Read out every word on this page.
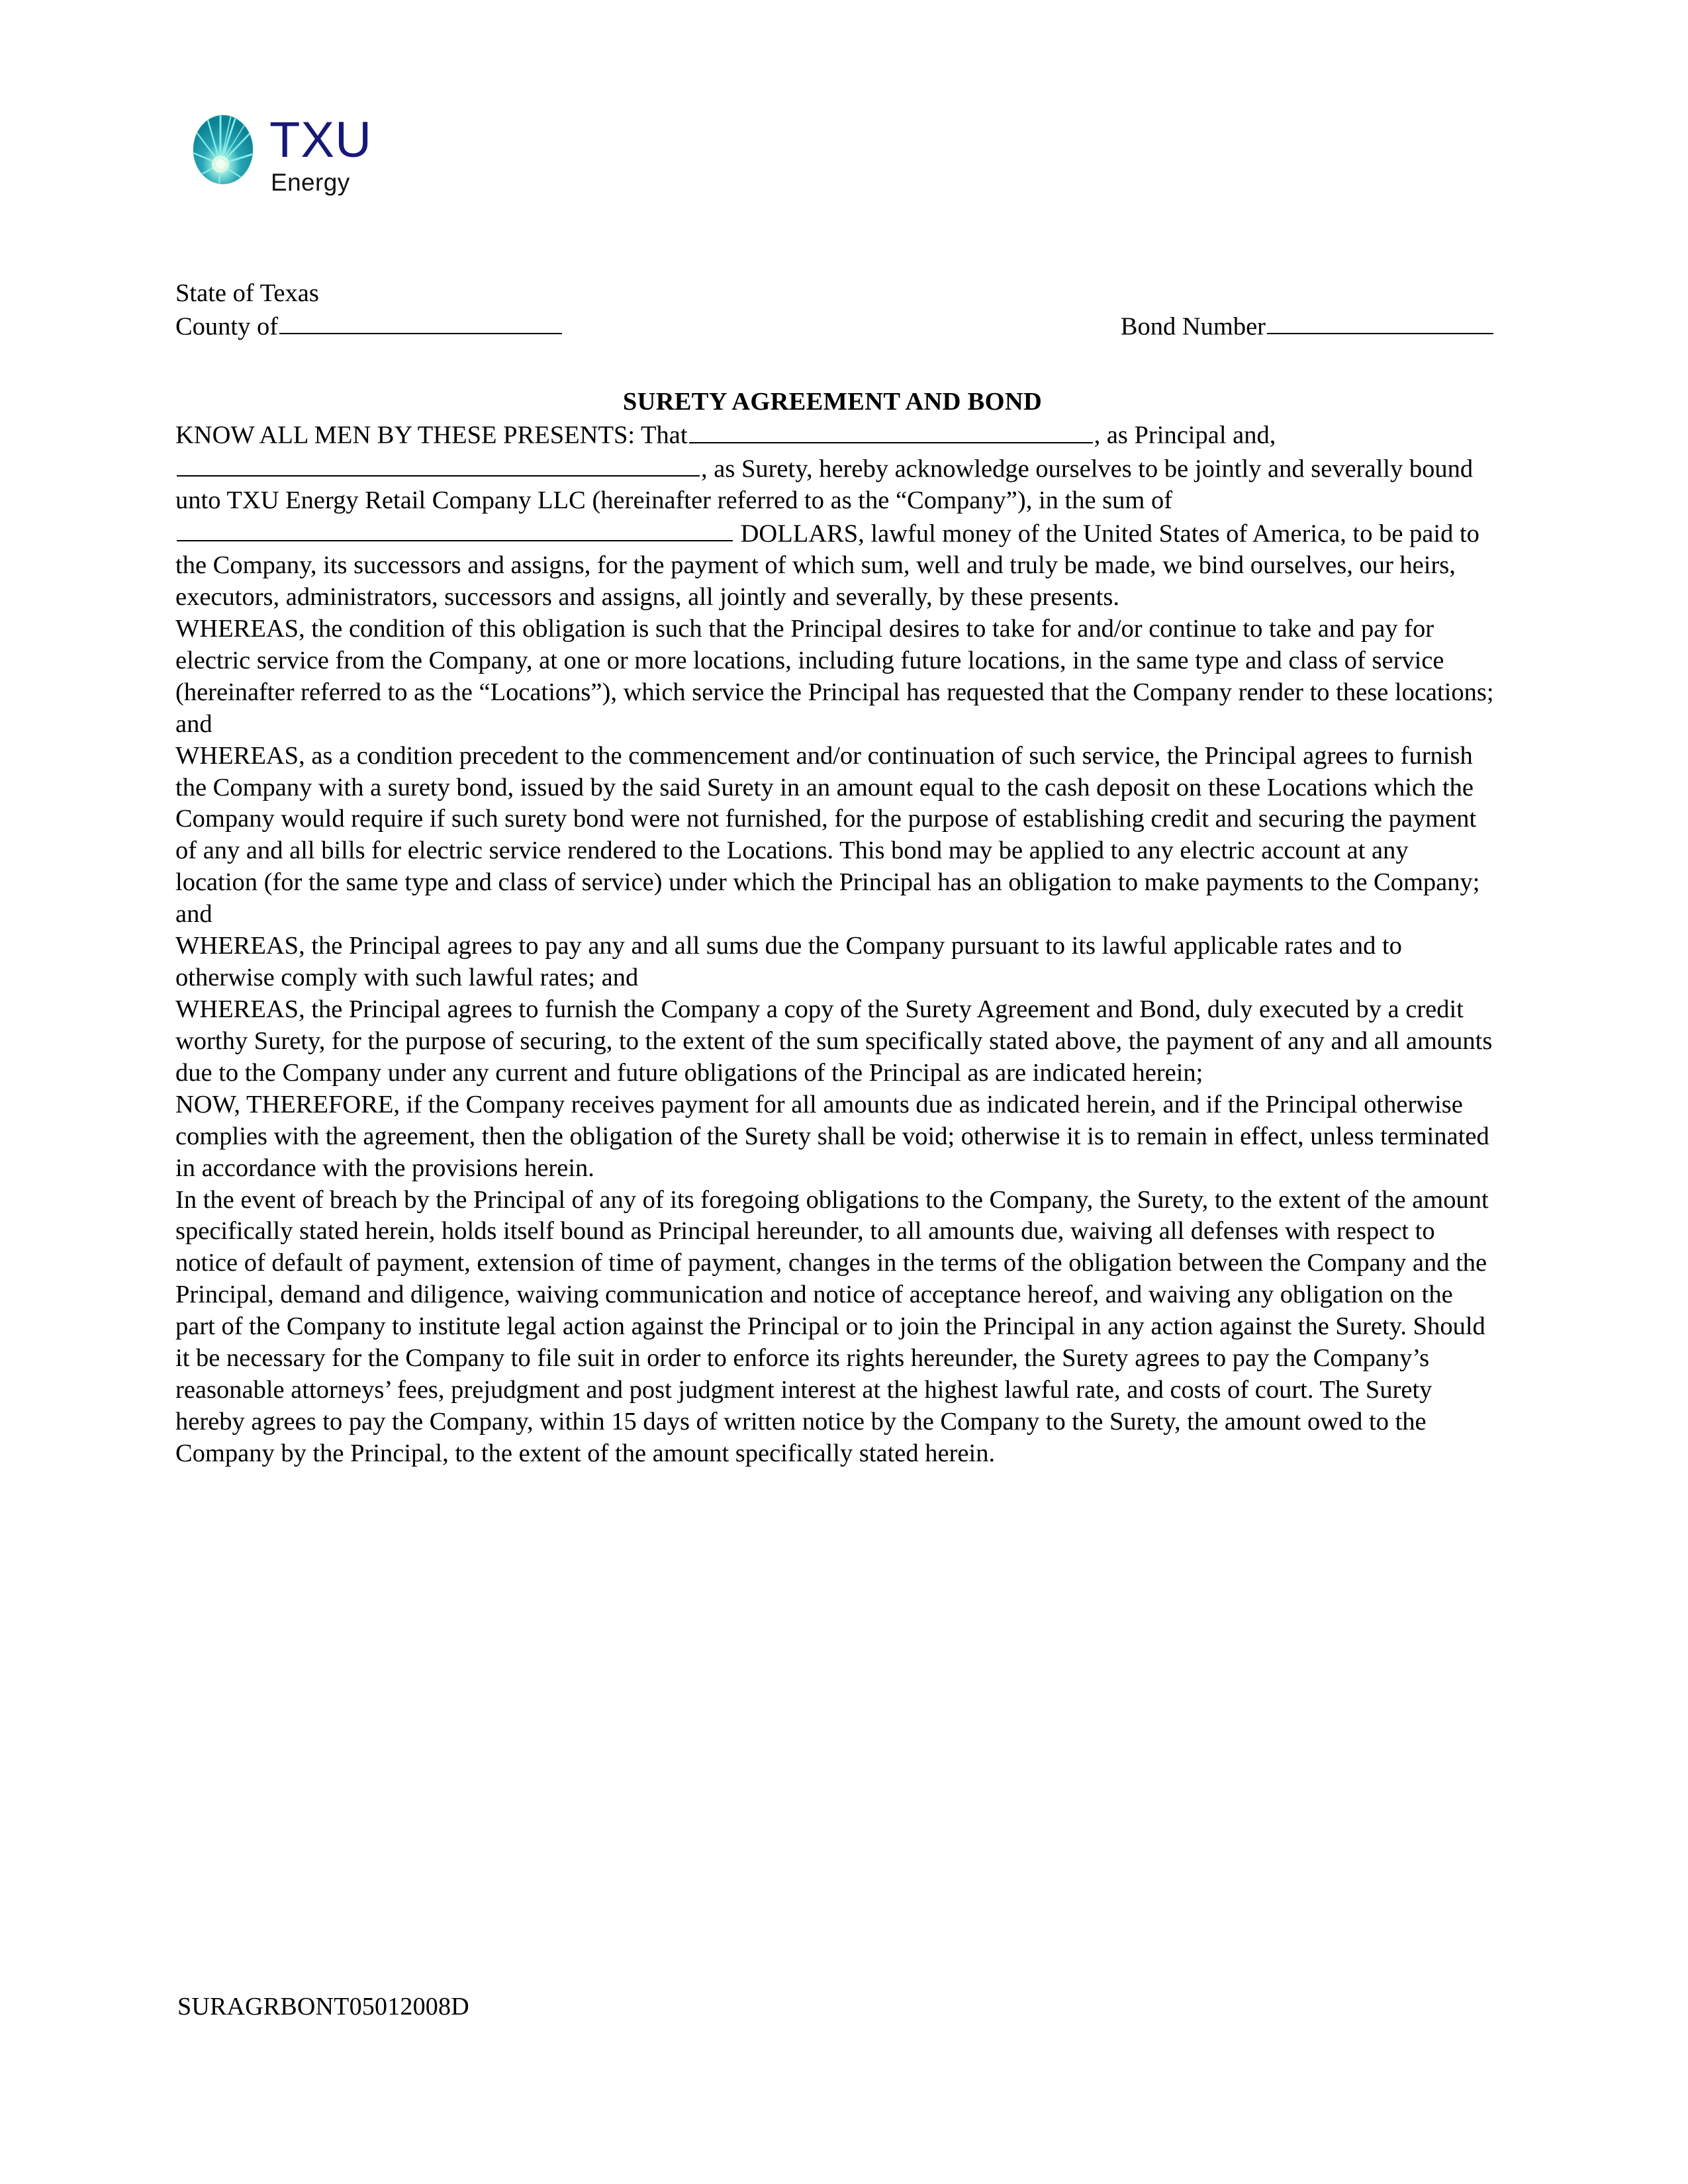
TXU
Energy
State of Texas
County of	Bond Number
SURETY AGREEMENT AND BOND

KNOW ALL MEN BY THESE PRESENTS: That	, as Principal and,
, as Surety, hereby acknowledge ourselves to be jointly and severally bound unto TXU Energy Retail Company LLC (hereinafter referred to as the “Company”), in the sum of  DOLLARS, lawful money of the United States of America, to be paid to the Company, its successors and assigns, for the payment of which sum, well and truly be made, we bind ourselves, our heirs, executors, administrators, successors and assigns, all jointly and severally, by these presents.

WHEREAS, the condition of this obligation is such that the Principal desires to take for and/or continue to take and pay for electric service from the Company, at one or more locations, including future locations, in the same type and class of service (hereinafter referred to as the “Locations”), which service the Principal has requested that the Company render to these locations; and

WHEREAS, as a condition precedent to the commencement and/or continuation of such service, the Principal agrees to furnish the Company with a surety bond, issued by the said Surety in an amount equal to the cash deposit on these Locations which the Company would require if such surety bond were not furnished, for the purpose of establishing credit and securing the payment of any and all bills for electric service rendered to the Locations. This bond may be applied to any electric account at any location (for the same type and class of service) under which the Principal has an obligation to make payments to the Company; and

WHEREAS, the Principal agrees to pay any and all sums due the Company pursuant to its lawful applicable rates and to otherwise comply with such lawful rates; and

WHEREAS, the Principal agrees to furnish the Company a copy of the Surety Agreement and Bond, duly executed by a credit worthy Surety, for the purpose of securing, to the extent of the sum specifically stated above, the payment of any and all amounts due to the Company under any current and future obligations of the Principal as are indicated herein;

NOW, THEREFORE, if the Company receives payment for all amounts due as indicated herein, and if the Principal otherwise complies with the agreement, then the obligation of the Surety shall be void; otherwise it is to remain in effect, unless terminated in accordance with the provisions herein.

In the event of breach by the Principal of any of its foregoing obligations to the Company, the Surety, to the extent of the amount specifically stated herein, holds itself bound as Principal hereunder, to all amounts due, waiving all defenses with respect to notice of default of payment, extension of time of payment, changes in the terms of the obligation between the Company and the Principal, demand and diligence, waiving communication and notice of acceptance hereof, and waiving any obligation on the part of the Company to institute legal action against the Principal or to join the Principal in any action against the Surety. Should it be necessary for the Company to file suit in order to enforce its rights hereunder, the Surety agrees to pay the Company’s reasonable attorneys’ fees, prejudgment and post judgment interest at the highest lawful rate, and costs of court. The Surety hereby agrees to pay the Company, within 15 days of written notice by the Company to the Surety, the amount owed to the Company by the Principal, to the extent of the amount specifically stated herein.

SURAGRBONT05012008D
